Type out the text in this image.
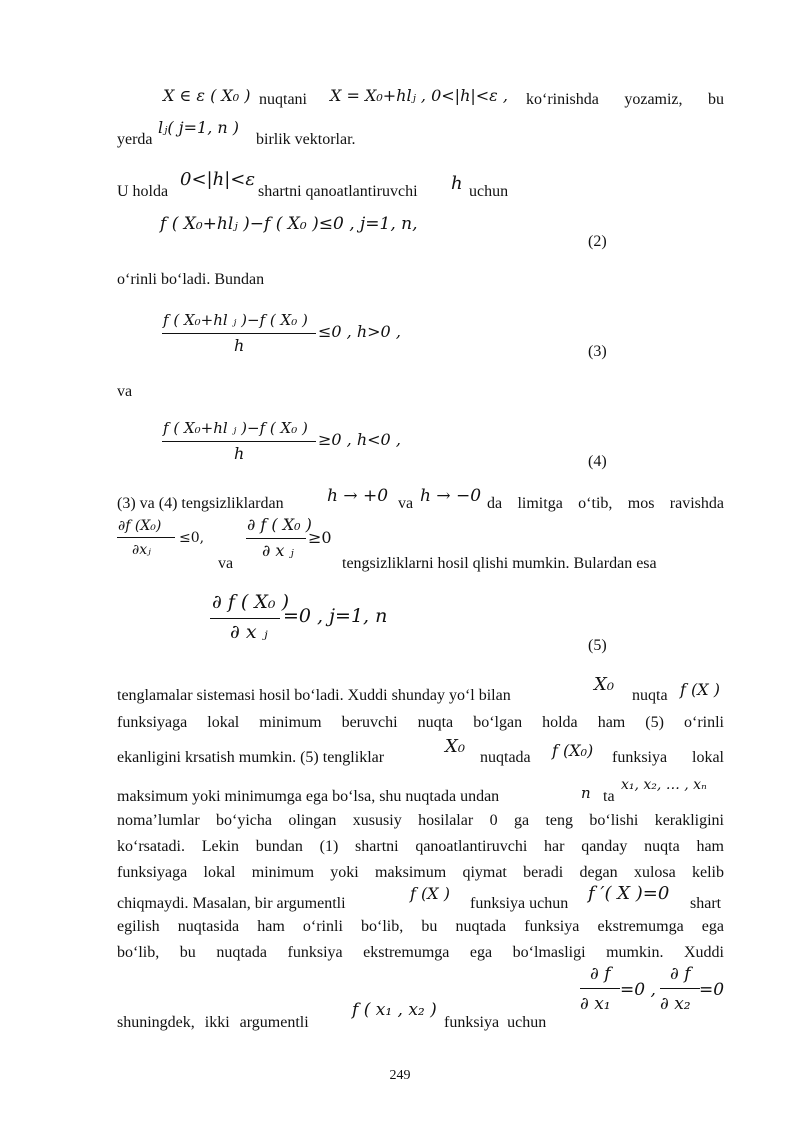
X ∈ ε ( X₀ ) nuqtani X = X₀+hlⱼ , 0<|h|<ε , ko‘rinishda yozamiz, bu
yerda
lⱼ( j=1, n )
birlik vektorlar.
U holda
0<|h|<ε
shartni qanoatlantiruvchi h uchun
f ( X₀+hlⱼ )−f ( X₀ )≤0 , j=1, n,
(2)
o‘rinli bo‘ladi. Bundan
f ( X₀+hl ⱼ )−f ( X₀ )
h
≤0 , h>0 ,
(3)
va
f ( X₀+hl ⱼ )−f ( X₀ )
h
≥0 , h<0 ,
(4)
(3) va (4) tengsizliklardan	h → +0 va h → −0 da limitga o‘tib, mos ravishda
∂f (X₀)
∂xⱼ
≤0,
va
∂ f ( X₀ )
∂ x ⱼ
≥0
tengsizliklarni hosil qlishi mumkin. Bulardan esa
∂ f ( X₀ )
∂ x ⱼ
=0 , j=1, n
(5)
tenglamalar sistemasi hosil bo‘ladi. Xuddi shunday yo‘l bilan
X₀
nuqta f (X )
funksiyaga lokal minimum beruvchi nuqta bo‘lgan holda ham (5) o‘rinli
ekanligini krsatish mumkin. (5) tengliklar
X₀
nuqtada f (X₀) funksiya lokal
maksimum yoki minimumga ega bo‘lsa, shu nuqtada undan	n ta
x₁, x₂, … , xₙ
noma’lumlar bo‘yicha olingan xususiy hosilalar 0 ga teng bo‘lishi kerakligini
ko‘rsatadi. Lekin bundan (1) shartni qanoatlantiruvchi har qanday nuqta ham
funksiyaga lokal minimum yoki maksimum qiymat beradi degan xulosa kelib
chiqmaydi. Masalan, bir argumentli
f (X )
funksiya uchun f ′( X )=0 shart
egilish nuqtasida ham o‘rinli bo‘lib, bu nuqtada funksiya ekstremumga ega
bo‘lib, bu nuqtada funksiya ekstremumga ega bo‘lmasligi mumkin. Xuddi
shuningdek, ikki argumentli
f ( x₁ , x₂ )
funksiya uchun
∂ f
∂ x₁
=0 ,
∂ f
∂ x₂
=0
249
